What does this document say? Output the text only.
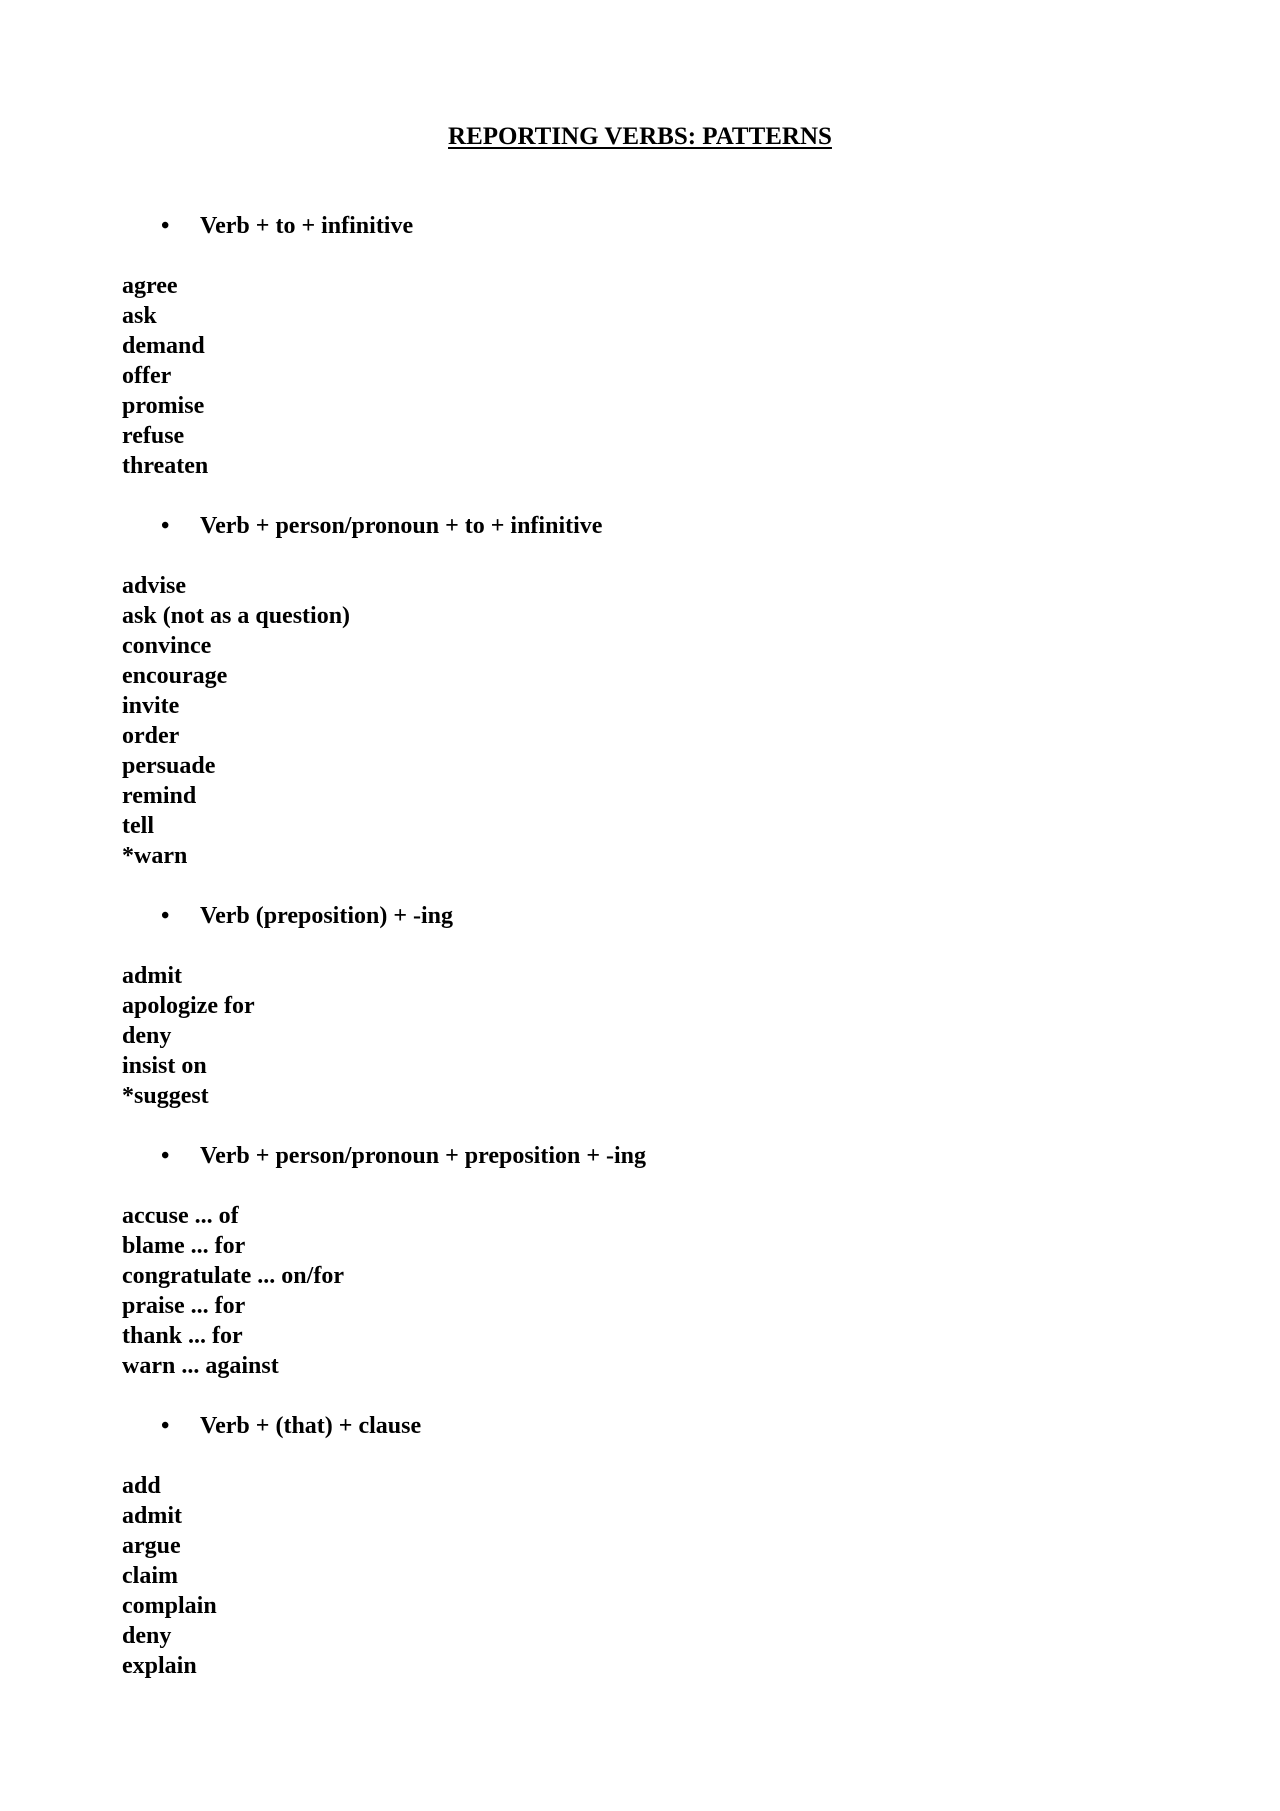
REPORTING VERBS: PATTERNS
• Verb + to + infinitive
agree
ask
demand
offer
promise
refuse
threaten
• Verb + person/pronoun + to + infinitive
advise
ask (not as a question)
convince
encourage
invite
order
persuade
remind
tell
*warn
• Verb (preposition) + -ing
admit
apologize for
deny
insist on
*suggest
• Verb + person/pronoun + preposition + -ing
accuse ... of
blame ... for
congratulate ... on/for
praise ... for
thank ... for
warn ... against
• Verb + (that) + clause
add
admit
argue
claim
complain
deny
explain
